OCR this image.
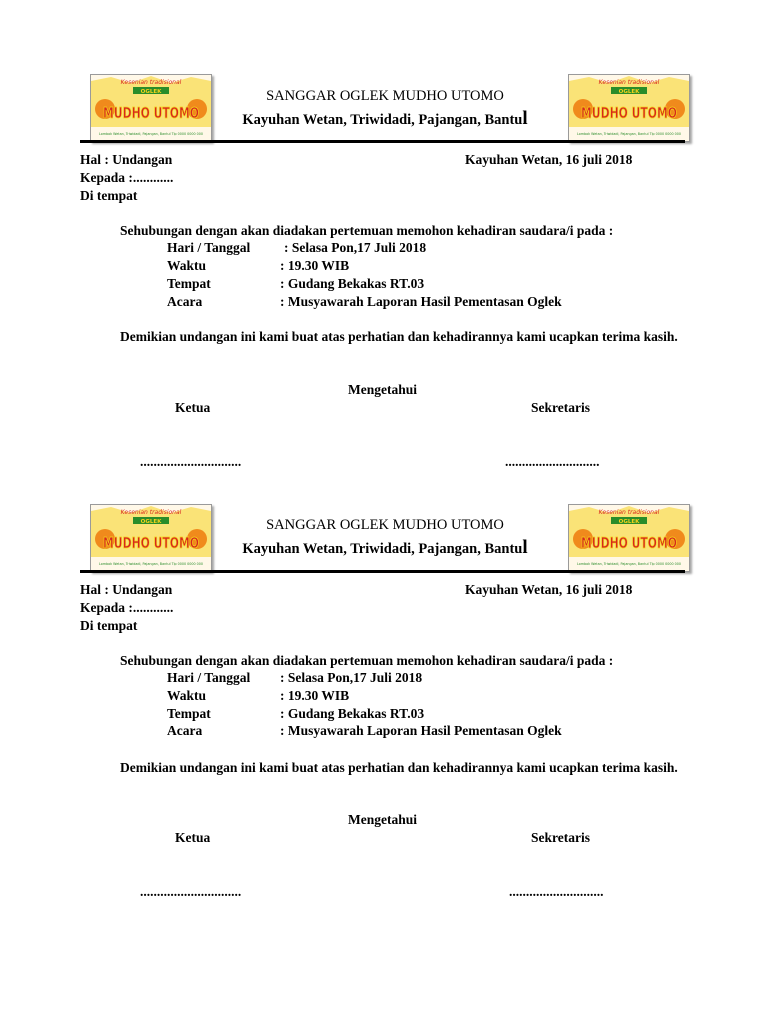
Kesenian tradisional
OGLEK
MUDHO UTOMO
Lombok Wetan, Triwidadi, Pajangan, Bantul Tlp 0000 0000 000
Kesenian tradisional
OGLEK
MUDHO UTOMO
Lombok Wetan, Triwidadi, Pajangan, Bantul Tlp 0000 0000 000
SANGGAR OGLEK MUDHO UTOMO
Kayuhan Wetan, Triwidadi, Pajangan, Bantul
Hal : Undangan	Kayuhan Wetan, 16 juli 2018
Kepada :............
Di tempat
Sehubungan dengan akan diadakan pertemuan memohon kehadiran saudara/i pada :
Hari / Tanggal : Selasa Pon,17 Juli 2018
Waktu	: 19.30 WIB
Tempat	: Gudang Bekakas RT.03
Acara	: Musyawarah Laporan Hasil Pementasan Oglek
Demikian undangan ini kami buat atas perhatian dan kehadirannya kami ucapkan terima kasih.
Mengetahui
Ketua	Sekretaris
..............................	............................
Kesenian tradisional
OGLEK
MUDHO UTOMO
Lombok Wetan, Triwidadi, Pajangan, Bantul Tlp 0000 0000 000
Kesenian tradisional
OGLEK
MUDHO UTOMO
Lombok Wetan, Triwidadi, Pajangan, Bantul Tlp 0000 0000 000
SANGGAR OGLEK MUDHO UTOMO
Kayuhan Wetan, Triwidadi, Pajangan, Bantul
Hal : Undangan	Kayuhan Wetan, 16 juli 2018
Kepada :............
Di tempat
Sehubungan dengan akan diadakan pertemuan memohon kehadiran saudara/i pada :
Hari / Tanggal : Selasa Pon,17 Juli 2018
Waktu	: 19.30 WIB
Tempat	: Gudang Bekakas RT.03
Acara	: Musyawarah Laporan Hasil Pementasan Oglek
Demikian undangan ini kami buat atas perhatian dan kehadirannya kami ucapkan terima kasih.
Mengetahui
Ketua	Sekretaris
..............................	............................
